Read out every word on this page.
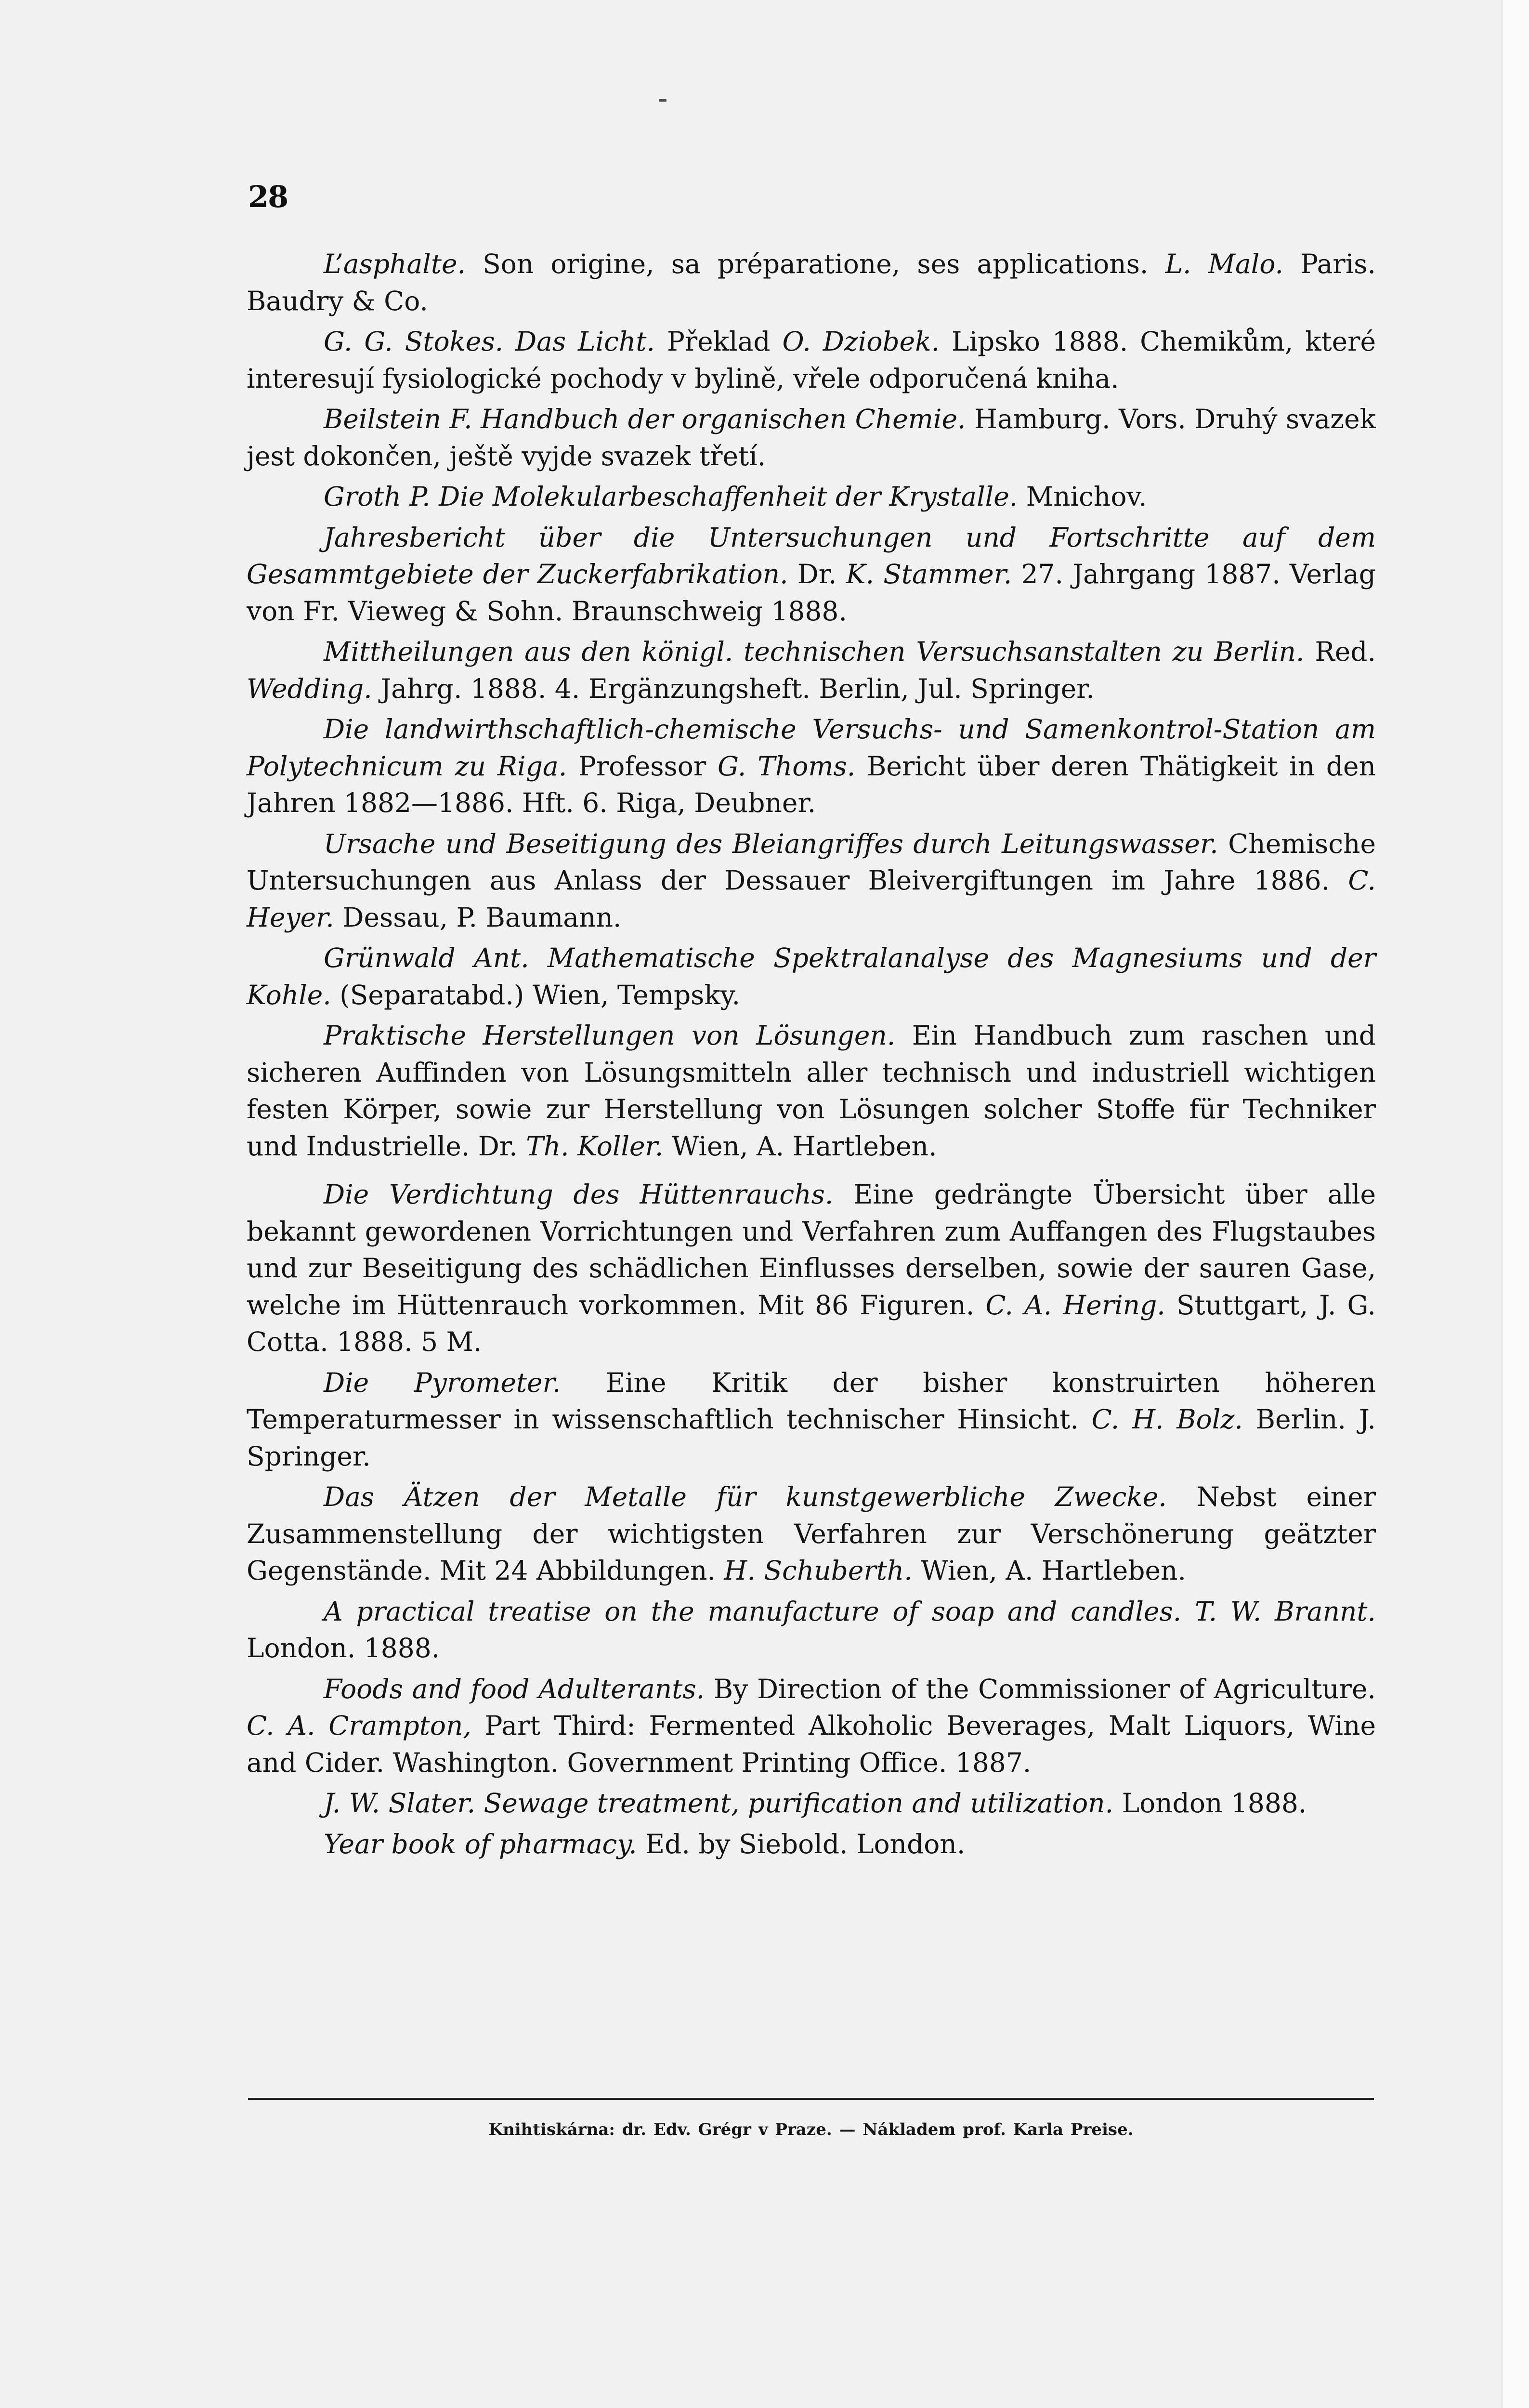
28

L’asphalte. Son origine, sa préparatione, ses applications. L. Malo. Paris. Baudry & Co.

G. G. Stokes. Das Licht. Překlad O. Dziobek. Lipsko 1888. Chemikům, které interesují fysiologické pochody v bylině, vřele odporučená kniha.

Beilstein F. Handbuch der organischen Chemie. Hamburg. Vors. Druhý svazek jest dokončen, ještě vyjde svazek třetí.

Groth P. Die Molekularbeschaffenheit der Krystalle. Mnichov.

Jahresbericht über die Untersuchungen und Fortschritte auf dem Gesammtgebiete der Zuckerfabrikation. Dr. K. Stammer. 27. Jahrgang 1887. Verlag von Fr. Vieweg & Sohn. Braunschweig 1888.

Mittheilungen aus den königl. technischen Versuchsanstalten zu Berlin. Red. Wedding. Jahrg. 1888. 4. Ergänzungsheft. Berlin, Jul. Springer.

Die landwirthschaftlich-chemische Versuchs- und Samenkontrol-Station am Polytechnicum zu Riga. Professor G. Thoms. Bericht über deren Thätigkeit in den Jahren 1882—1886. Hft. 6. Riga, Deubner.

Ursache und Beseitigung des Bleiangriffes durch Leitungswasser. Chemische Untersuchungen aus Anlass der Dessauer Bleivergiftungen im Jahre 1886. C. Heyer. Dessau, P. Baumann.

Grünwald Ant. Mathematische Spektralanalyse des Magnesiums und der Kohle. (Separatabd.) Wien, Tempsky.

Praktische Herstellungen von Lösungen. Ein Handbuch zum raschen und sicheren Auffinden von Lösungsmitteln aller technisch und industriell wichtigen festen Körper, sowie zur Herstellung von Lösungen solcher Stoffe für Techniker und Industrielle. Dr. Th. Koller. Wien, A. Hartleben.

Die Verdichtung des Hüttenrauchs. Eine gedrängte Übersicht über alle bekannt gewordenen Vorrichtungen und Verfahren zum Auffangen des Flugstaubes und zur Beseitigung des schädlichen Einflusses derselben, sowie der sauren Gase, welche im Hüttenrauch vorkommen. Mit 86 Figuren. C. A. Hering. Stuttgart, J. G. Cotta. 1888. 5 M.

Die Pyrometer. Eine Kritik der bisher konstruirten höheren Temperaturmesser in wissenschaftlich technischer Hinsicht. C. H. Bolz. Berlin. J. Springer.

Das Ätzen der Metalle für kunstgewerbliche Zwecke. Nebst einer Zusammenstellung der wichtigsten Verfahren zur Verschönerung geätzter Gegenstände. Mit 24 Abbildungen. H. Schuberth. Wien, A. Hartleben.

A practical treatise on the manufacture of soap and candles. T. W. Brannt. London. 1888.

Foods and food Adulterants. By Direction of the Commissioner of Agriculture. C. A. Crampton, Part Third: Fermented Alkoholic Beverages, Malt Liquors, Wine and Cider. Washington. Government Printing Office. 1887.

J. W. Slater. Sewage treatment, purification and utilization. London 1888.

Year book of pharmacy. Ed. by Siebold. London.

Knihtiskárna: dr. Edv. Grégr v Praze. — Nákladem prof. Karla Preise.
